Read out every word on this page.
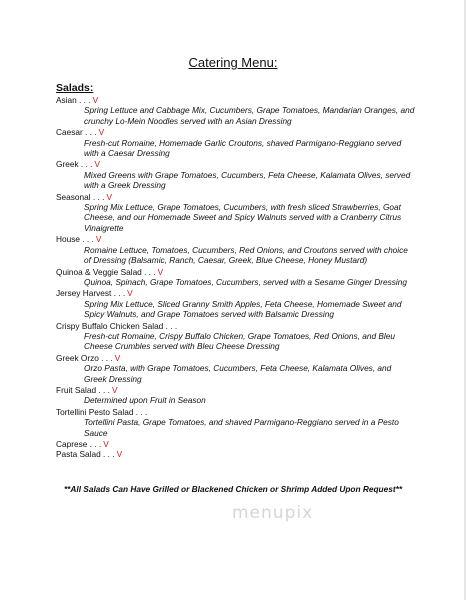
Catering Menu:
Salads:
Asian . . . V
Spring Lettuce and Cabbage Mix, Cucumbers, Grape Tomatoes, Mandarian Oranges, and crunchy Lo-Mein Noodles served with an Asian Dressing
Caesar . . . V
Fresh-cut Romaine, Homemade Garlic Croutons, shaved Parmigano-Reggiano served with a Caesar Dressing
Greek . . . V
Mixed Greens with Grape Tomatoes, Cucumbers, Feta Cheese, Kalamata Olives, served with a Greek Dressing
Seasonal . . . V
Spring Mix Lettuce, Grape Tomatoes, Cucumbers, with fresh sliced Strawberries, Goat Cheese, and our Homemade Sweet and Spicy Walnuts served with a Cranberry Citrus Vinaigrette
House . . . V
Romaine Lettuce, Tomatoes, Cucumbers, Red Onions, and Croutons served with choice of Dressing (Balsamic, Ranch, Caesar, Greek, Blue Cheese, Honey Mustard)
Quinoa & Veggie Salad . . . V
Quinoa, Spinach, Grape Tomatoes, Cucumbers, served with a Sesame Ginger Dressing
Jersey Harvest . . . V
Spring Mix Lettuce, Sliced Granny Smith Apples, Feta Cheese, Homemade Sweet and Spicy Walnuts, and Grape Tomatoes served with Balsamic Dressing
Crispy Buffalo Chicken Salad . . .
Fresh-cut Romaine, Crispy Buffalo Chicken, Grape Tomatoes, Red Onions, and Bleu Cheese Crumbles served with Bleu Cheese Dressing
Greek Orzo . . . V
Orzo Pasta, with Grape Tomatoes, Cucumbers, Feta Cheese, Kalamata Olives, and Greek Dressing
Fruit Salad . . . V
Determined upon Fruit in Season
Tortellini Pesto Salad . . .
Tortellini Pasta, Grape Tomatoes, and shaved Parmigano-Reggiano served in a Pesto Sauce
Caprese . . . V
Pasta Salad . . . V
**All Salads Can Have Grilled or Blackened Chicken or Shrimp Added Upon Request**
menupix
